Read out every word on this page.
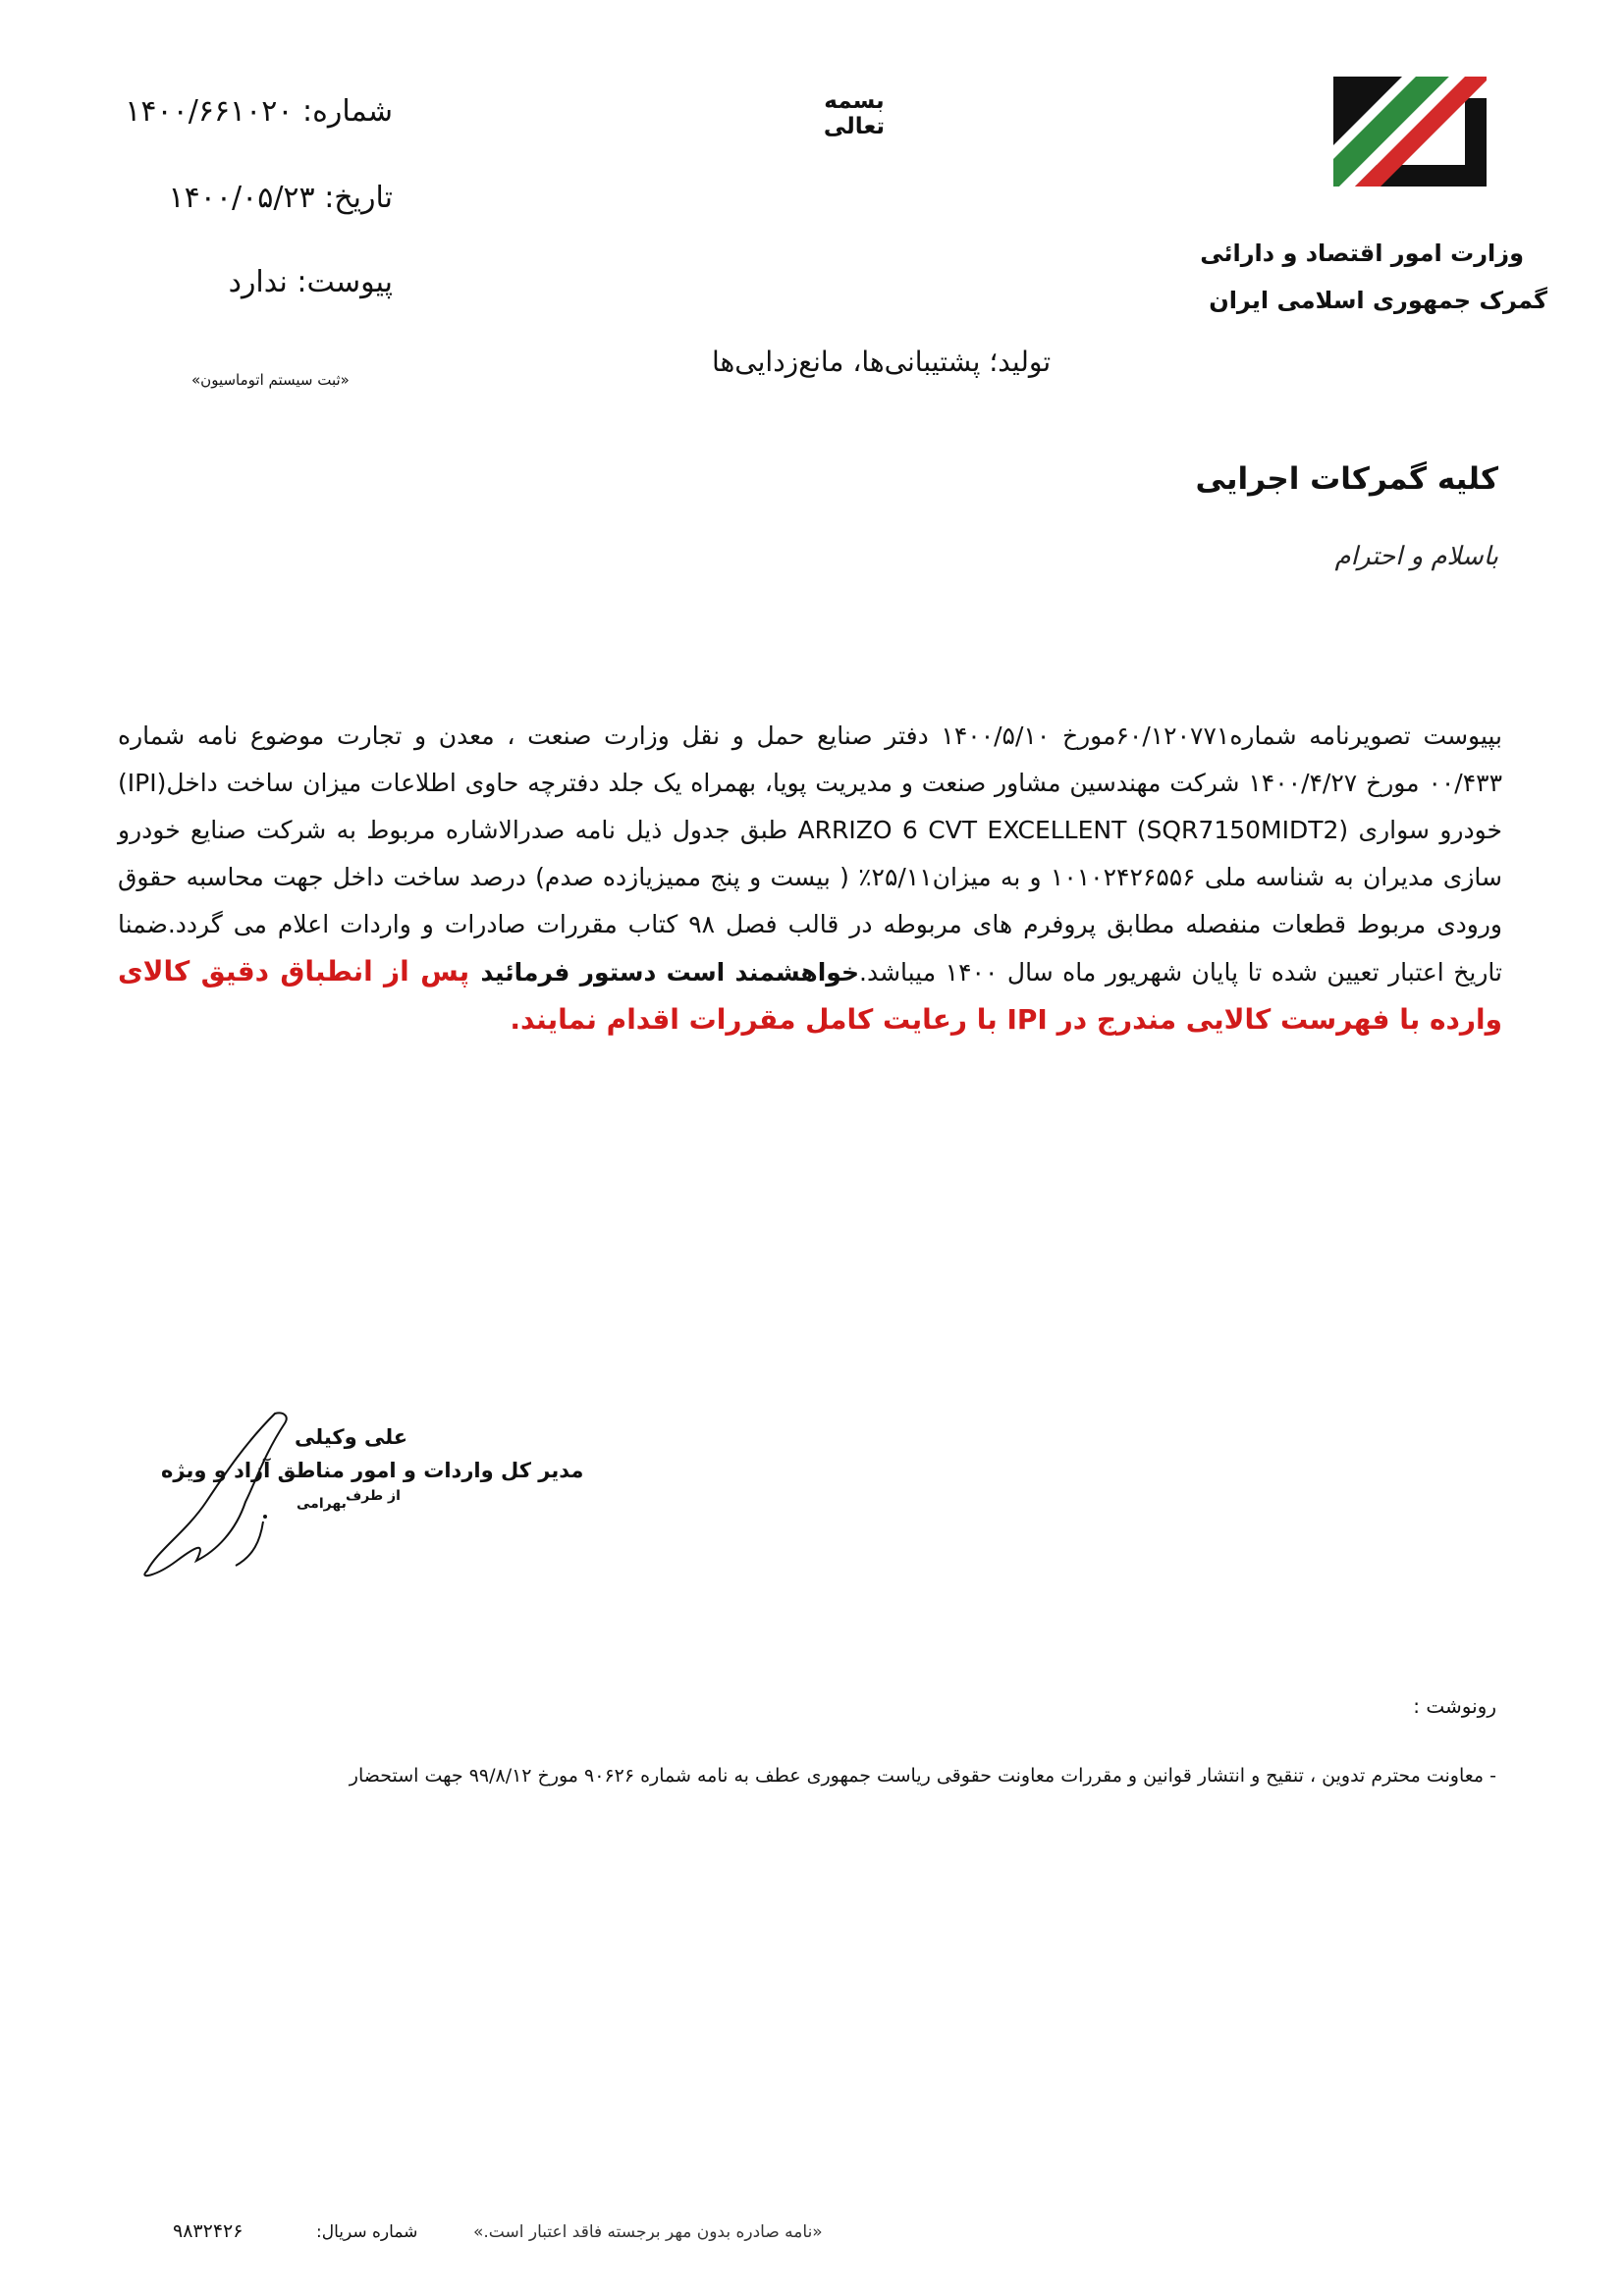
وزارت امور اقتصاد و دارائی
گمرک جمهوری اسلامی ایران
بسمه تعالی
شماره: ۱۴۰۰/۶۶۱۰۲۰
تاریخ: ۱۴۰۰/۰۵/۲۳
پیوست: ندارد
«ثبت سیستم اتوماسیون»
تولید؛ پشتیبانی‌ها، مانع‌زدایی‌ها
کلیه گمرکات اجرایی
باسلام و احترام
بپیوست تصویرنامه شماره۶۰/۱۲۰۷۷۱مورخ ۱۴۰۰/۵/۱۰ دفتر صنایع حمل و نقل وزارت صنعت ، معدن و تجارت موضوع نامه شماره ۰۰/۴۳۳ مورخ ۱۴۰۰/۴/۲۷ شرکت مهندسین مشاور صنعت و مدیریت پویا، بهمراه یک جلد دفترچه حاوی اطلاعات میزان ساخت داخل(IPI) خودرو سواری ARRIZO 6 CVT EXCELLENT (SQR7150MIDT2) طبق جدول ذیل نامه صدرالاشاره مربوط به شرکت صنایع خودرو سازی مدیران به شناسه ملی ۱۰۱۰۲۴۲۶۵۵۶ و به میزان۲۵/۱۱٪ ( بیست و پنج ممیزیازده صدم) درصد ساخت داخل جهت محاسبه حقوق ورودی مربوط قطعات منفصله مطابق پروفرم های مربوطه در قالب فصل ۹۸ کتاب مقررات صادرات و واردات اعلام می گردد.ضمنا تاریخ اعتبار تعیین شده تا پایان شهریور ماه سال ۱۴۰۰ میباشد.خواهشمند است دستور فرمائید پس از انطباق دقیق کالای وارده با فهرست کالایی مندرج در IPI با رعایت کامل مقررات اقدام نمایند.
علی وکیلی
مدیر کل واردات و امور مناطق آزاد و ویژه
از طرف
بهرامی
رونوشت :
- معاونت محترم تدوین ، تنقیح و انتشار قوانین و مقررات معاونت حقوقی ریاست جمهوری عطف به نامه شماره ۹۰۶۲۶ مورخ ۹۹/۸/۱۲ جهت استحضار
«نامه صادره بدون مهر برجسته فاقد اعتبار است.»
شماره سریال:
۹۸۳۲۴۲۶
